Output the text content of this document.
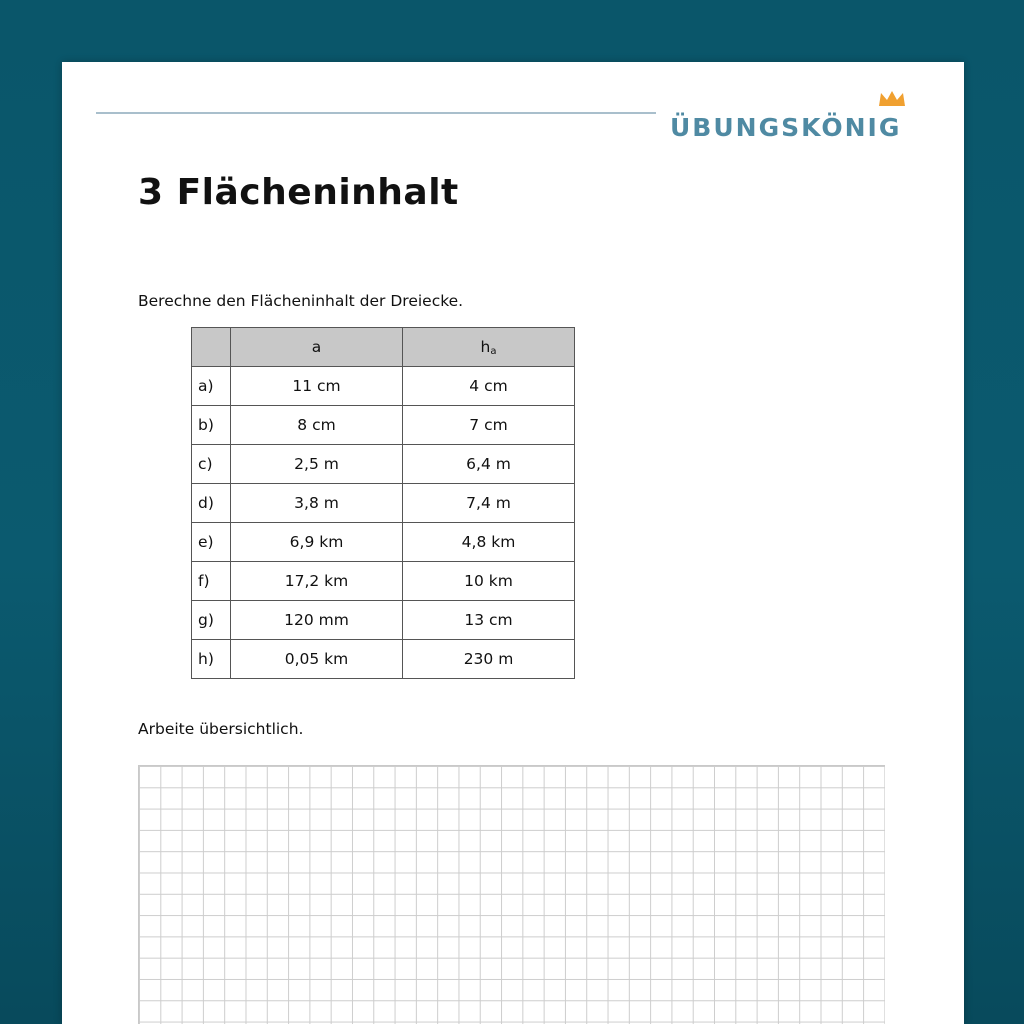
ÜBUNGSKÖNIG
3 Flächeninhalt

Berechne den Flächeninhalt der Dreiecke.

	a	$h_a$
a)	11 cm	4 cm
b)	8 cm	7 cm
c)	2,5 m	6,4 m
d)	3,8 m	7,4 m
e)	6,9 km	4,8 km
f)	17,2 km	10 km
g)	120 mm	13 cm
h)	0,05 km	230 m

Arbeite übersichtlich.
